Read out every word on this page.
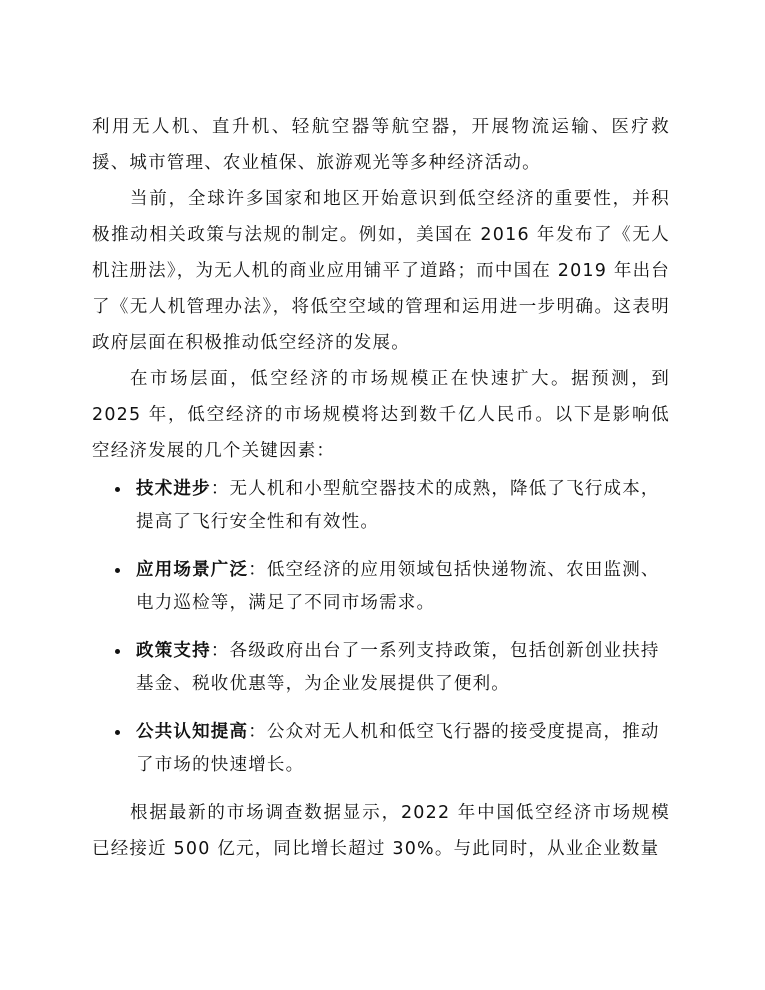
利用无人机、直升机、轻航空器等航空器，开展物流运输、医疗救援、城市管理、农业植保、旅游观光等多种经济活动。

当前，全球许多国家和地区开始意识到低空经济的重要性，并积极推动相关政策与法规的制定。例如，美国在 2016 年发布了《无人机注册法》，为无人机的商业应用铺平了道路；而中国在 2019 年出台了《无人机管理办法》，将低空空域的管理和运用进一步明确。这表明政府层面在积极推动低空经济的发展。

在市场层面，低空经济的市场规模正在快速扩大。据预测，到 2025 年，低空经济的市场规模将达到数千亿人民币。以下是影响低空经济发展的几个关键因素：

技术进步：无人机和小型航空器技术的成熟，降低了飞行成本，提高了飞行安全性和有效性。
应用场景广泛：低空经济的应用领域包括快递物流、农田监测、电力巡检等，满足了不同市场需求。
政策支持：各级政府出台了一系列支持政策，包括创新创业扶持基金、税收优惠等，为企业发展提供了便利。
公共认知提高：公众对无人机和低空飞行器的接受度提高，推动了市场的快速增长。

根据最新的市场调查数据显示，2022 年中国低空经济市场规模已经接近 500 亿元，同比增长超过 30%。与此同时，从业企业数量
